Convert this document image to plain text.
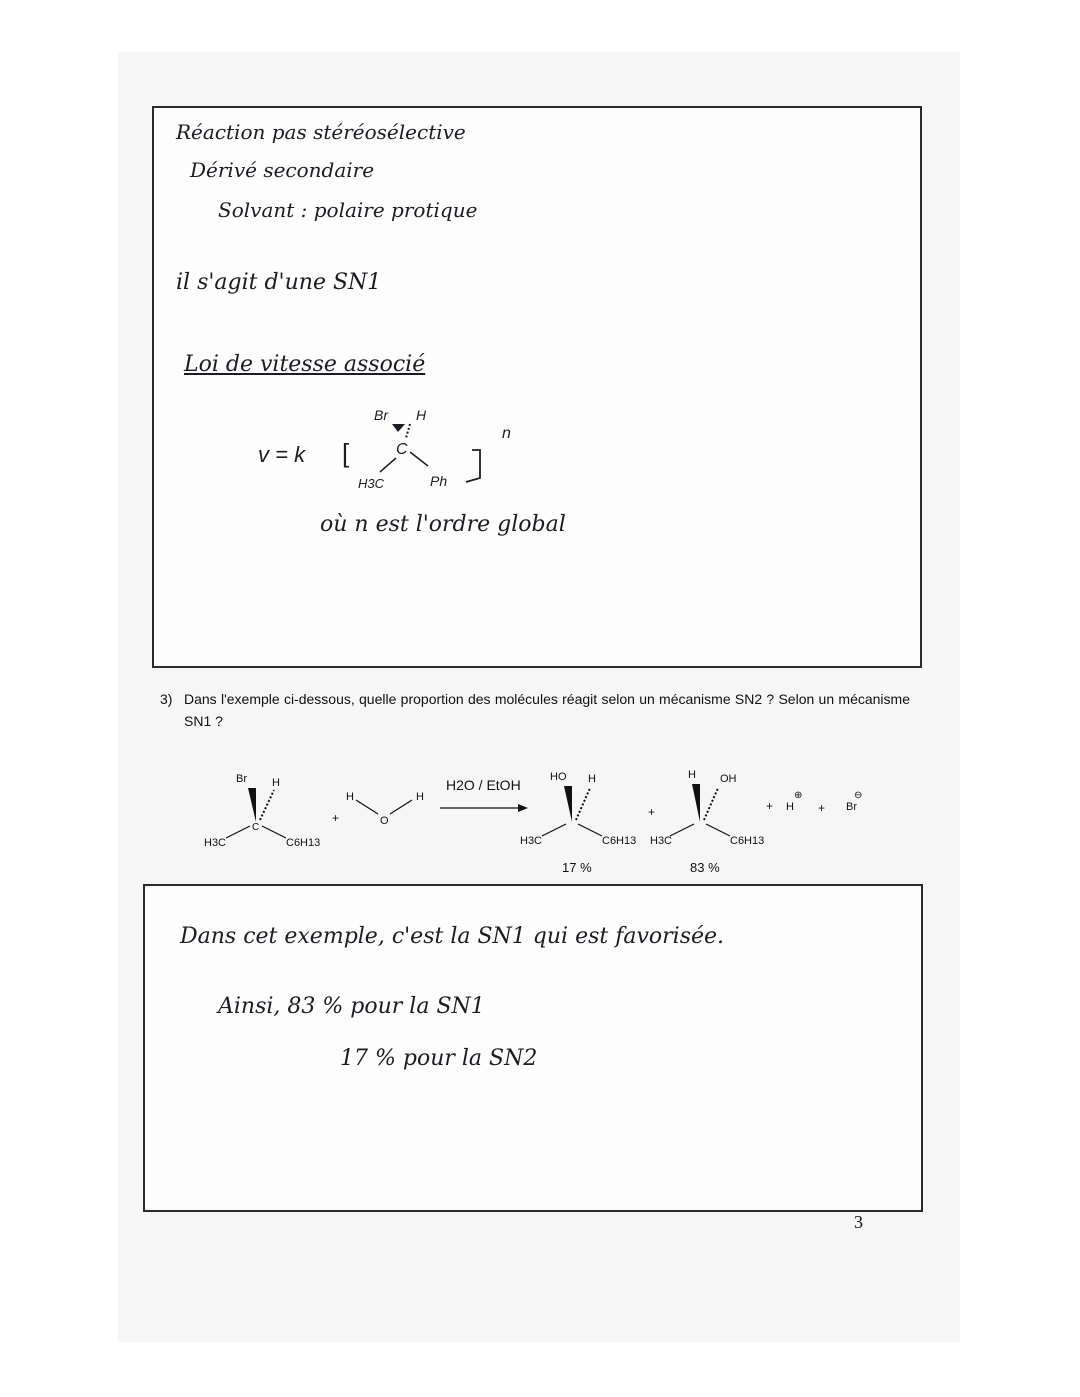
Réaction pas stéréosélective
Dérivé secondaire
Solvant : polaire protique
il s'agit d'une SN1
Loi de vitesse associé
v = k [
Br H
C
H3C	Ph
n
où n est l'ordre global
3) Dans l'exemple ci-dessous, quelle proportion des molécules réagit selon un mécanisme SN2 ? Selon un mécanisme SN1 ?
Br H
C
H3C	C6H13
+
H
O
H
H2O / EtOH	HO H
H3C	C6H13
17 %
+
H OH
H3C	C6H13
83 %
+ H
⊕
+ Br
⊖
Dans cet exemple, c'est la SN1 qui est favorisée.
Ainsi, 83 % pour la SN1
17 % pour la SN2
3
